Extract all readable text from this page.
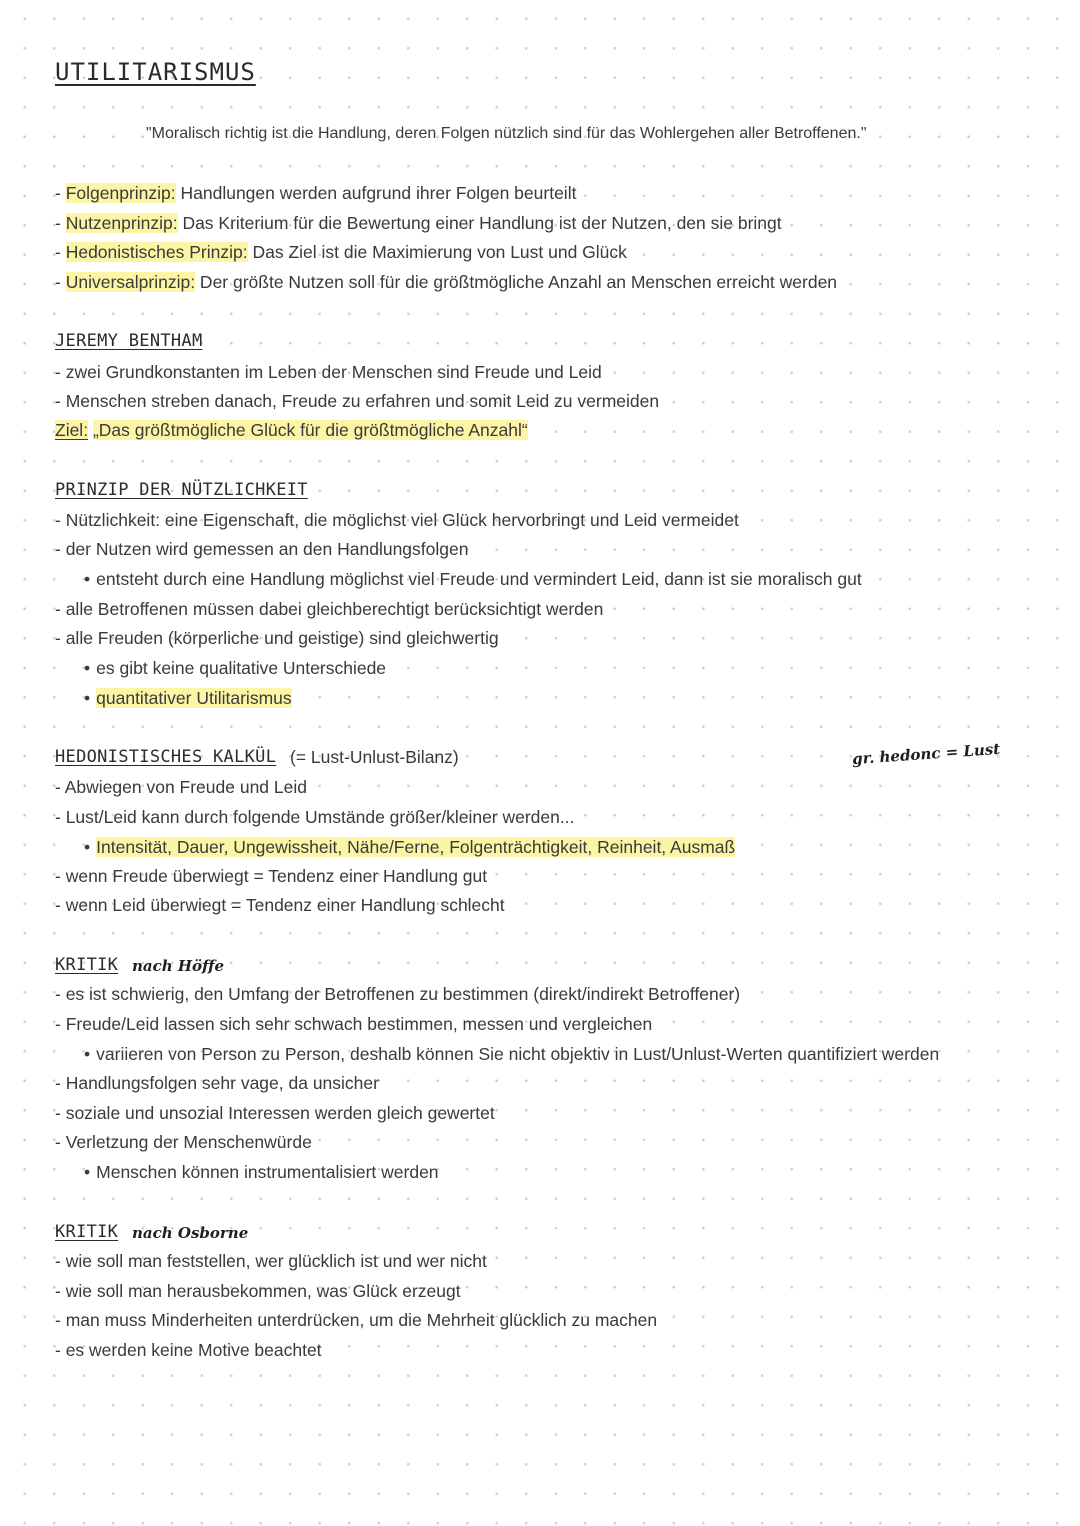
UTILITARISMUS
"Moralisch richtig ist die Handlung, deren Folgen nützlich sind für das Wohlergehen aller Betroffenen."
- Folgenprinzip: Handlungen werden aufgrund ihrer Folgen beurteilt
- Nutzenprinzip: Das Kriterium für die Bewertung einer Handlung ist der Nutzen, den sie bringt
- Hedonistisches Prinzip: Das Ziel ist die Maximierung von Lust und Glück
- Universalprinzip: Der größte Nutzen soll für die größtmögliche Anzahl an Menschen erreicht werden
JEREMY BENTHAM
- zwei Grundkonstanten im Leben der Menschen sind Freude und Leid
- Menschen streben danach, Freude zu erfahren und somit Leid zu vermeiden
Ziel: „Das größtmögliche Glück für die größtmögliche Anzahl“
PRINZIP DER NÜTZLICHKEIT
- Nützlichkeit: eine Eigenschaft, die möglichst viel Glück hervorbringt und Leid vermeidet
- der Nutzen wird gemessen an den Handlungsfolgen
• entsteht durch eine Handlung möglichst viel Freude und vermindert Leid, dann ist sie moralisch gut
- alle Betroffenen müssen dabei gleichberechtigt berücksichtigt werden
- alle Freuden (körperliche und geistige) sind gleichwertig
• es gibt keine qualitative Unterschiede
• quantitativer Utilitarismus
HEDONISTISCHES KALKÜL (= Lust-Unlust-Bilanz)	gr. hedonc = Lust
- Abwiegen von Freude und Leid
- Lust/Leid kann durch folgende Umstände größer/kleiner werden...
• Intensität, Dauer, Ungewissheit, Nähe/Ferne, Folgenträchtigkeit, Reinheit, Ausmaß
- wenn Freude überwiegt = Tendenz einer Handlung gut
- wenn Leid überwiegt = Tendenz einer Handlung schlecht
KRITIK nach Höffe
- es ist schwierig, den Umfang der Betroffenen zu bestimmen (direkt/indirekt Betroffener)
- Freude/Leid lassen sich sehr schwach bestimmen, messen und vergleichen
• variieren von Person zu Person, deshalb können Sie nicht objektiv in Lust/Unlust-Werten quantifiziert werden
- Handlungsfolgen sehr vage, da unsicher
- soziale und unsozial Interessen werden gleich gewertet
- Verletzung der Menschenwürde
• Menschen können instrumentalisiert werden
KRITIK nach Osborne
- wie soll man feststellen, wer glücklich ist und wer nicht
- wie soll man herausbekommen, was Glück erzeugt
- man muss Minderheiten unterdrücken, um die Mehrheit glücklich zu machen
- es werden keine Motive beachtet
